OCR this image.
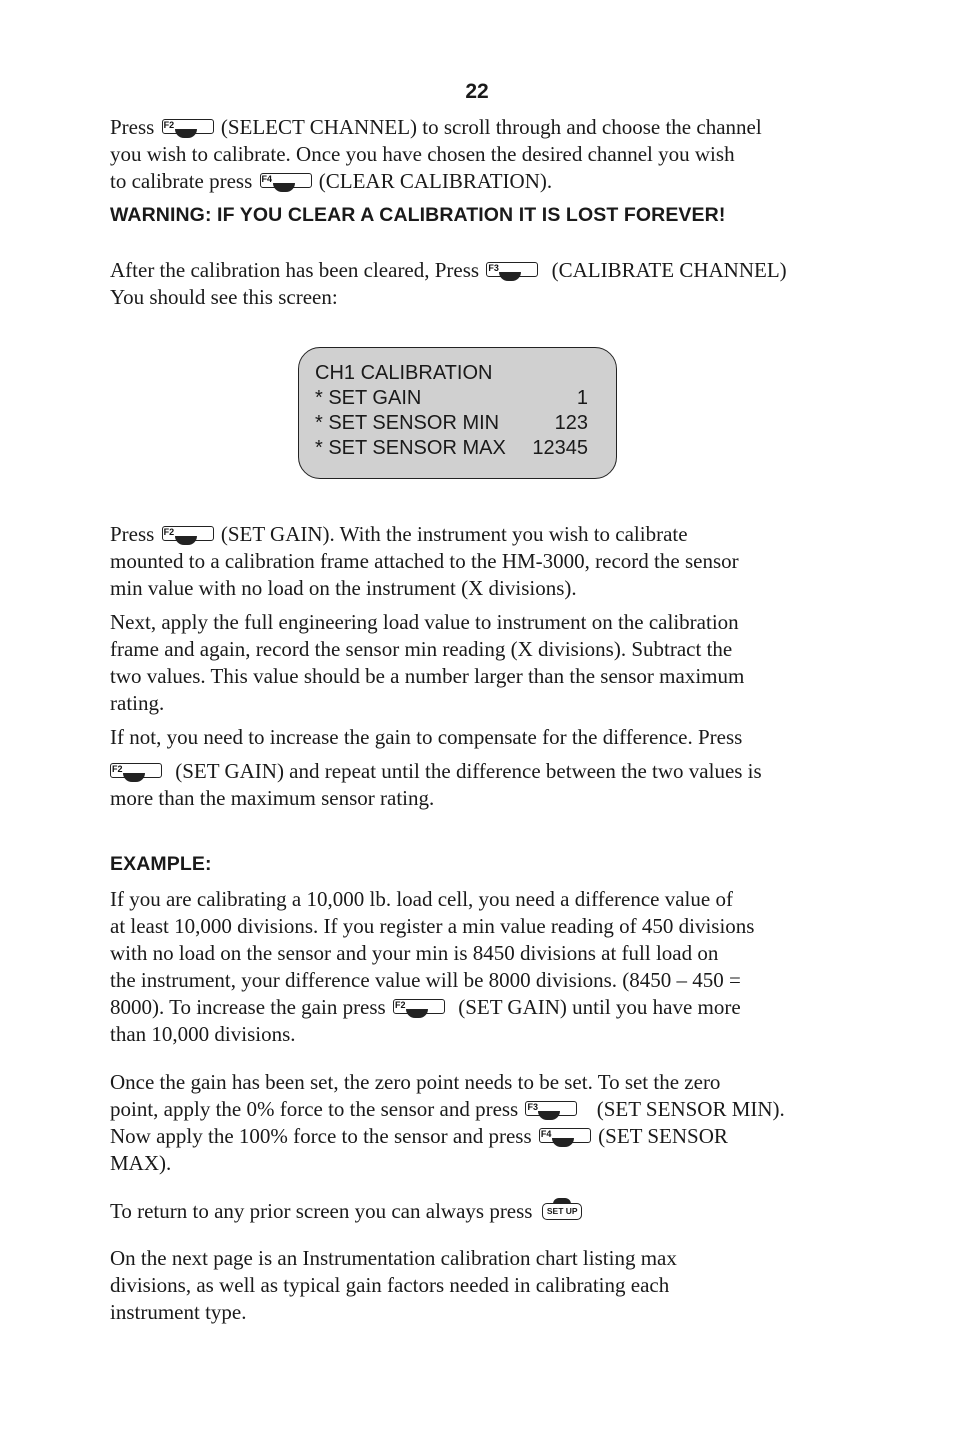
22
Press F2 (SELECT CHANNEL) to scroll through and choose the channel
you wish to calibrate. Once you have chosen the desired channel you wish
to calibrate press F4 (CLEAR CALIBRATION).
WARNING: IF YOU CLEAR A CALIBRATION IT IS LOST FOREVER!
After the calibration has been cleared, Press F3	(CALIBRATE CHANNEL)
You should see this screen:
CH1 CALIBRATION
* SET GAIN	1
* SET SENSOR MIN	123
* SET SENSOR MAX 12345
Press F2 (SET GAIN). With the instrument you wish to calibrate
mounted to a calibration frame attached to the HM-3000, record the sensor
min value with no load on the instrument (X divisions).
Next, apply the full engineering load value to instrument on the calibration
frame and again, record the sensor min reading (X divisions). Subtract the
two values. This value should be a number larger than the sensor maximum
rating.
If not, you need to increase the gain to compensate for the difference. Press
F2	(SET GAIN) and repeat until the difference between the two values is
more than the maximum sensor rating.
EXAMPLE:
If you are calibrating a 10,000 lb. load cell, you need a difference value of
at least 10,000 divisions. If you register a min value reading of 450 divisions
with no load on the sensor and your min is 8450 divisions at full load on
the instrument, your difference value will be 8000 divisions. (8450 – 450 =
8000). To increase the gain press F2	(SET GAIN) until you have more
than 10,000 divisions.
Once the gain has been set, the zero point needs to be set. To set the zero
point, apply the 0% force to the sensor and press F3	(SET SENSOR MIN).
Now apply the 100% force to the sensor and press F4 (SET SENSOR
MAX).
To return to any prior screen you can always press	SET UP
On the next page is an Instrumentation calibration chart listing max
divisions, as well as typical gain factors needed in calibrating each
instrument type.
